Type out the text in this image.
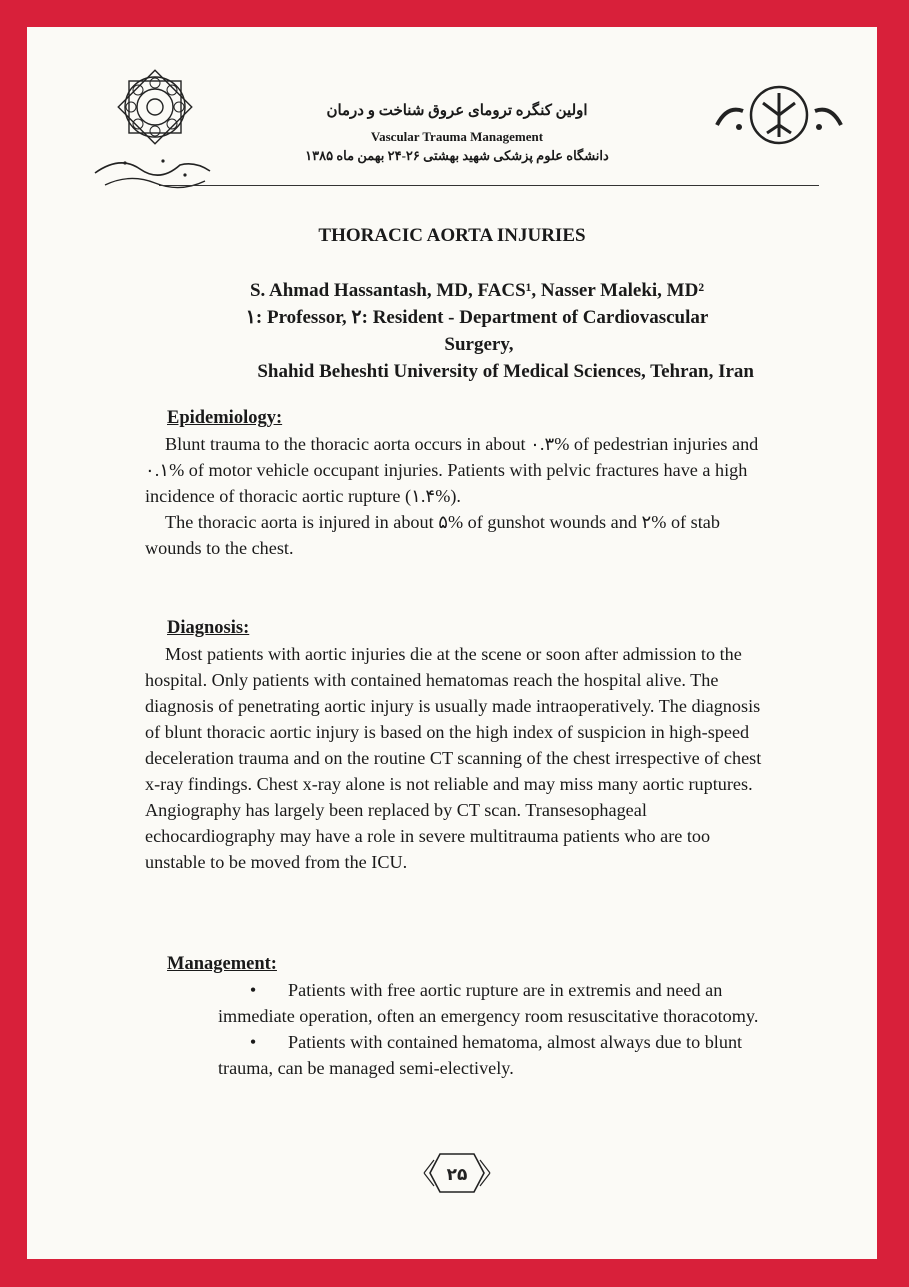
اولین کنگره ترومای عروق شناخت و درمان
Vascular Trauma Management
دانشگاه علوم پزشکی شهید بهشتی ۲۶-۲۴ بهمن ماه ۱۳۸۵
THORACIC AORTA INJURIES
S. Ahmad Hassantash, MD, FACS¹, Nasser Maleki, MD²
١: Professor, ٢: Resident - Department of Cardiovascular
Surgery,
Shahid Beheshti University of Medical Sciences, Tehran, Iran
Epidemiology:

Blunt trauma to the thoracic aorta occurs in about ۰.۳% of pedestrian injuries and ۰.۱% of motor vehicle occupant injuries. Patients with pelvic fractures have a high incidence of thoracic aortic rupture (۱.۴%).

The thoracic aorta is injured in about ۵% of gunshot wounds and ۲% of stab wounds to the chest.

Diagnosis:

Most patients with aortic injuries die at the scene or soon after admission to the hospital. Only patients with contained hematomas reach the hospital alive. The diagnosis of penetrating aortic injury is usually made intraoperatively. The diagnosis of blunt thoracic aortic injury is based on the high index of suspicion in high-speed deceleration trauma and on the routine CT scanning of the chest irrespective of chest x-ray findings. Chest x-ray alone is not reliable and may miss many aortic ruptures. Angiography has largely been replaced by CT scan. Transesophageal echocardiography may have a role in severe multitrauma patients who are too unstable to be moved from the ICU.

Management:
• Patients with free aortic rupture are in extremis and need an immediate operation, often an emergency room resuscitative thoracotomy.
• Patients with contained hematoma, almost always due to blunt trauma, can be managed semi-electively.
۲۵
